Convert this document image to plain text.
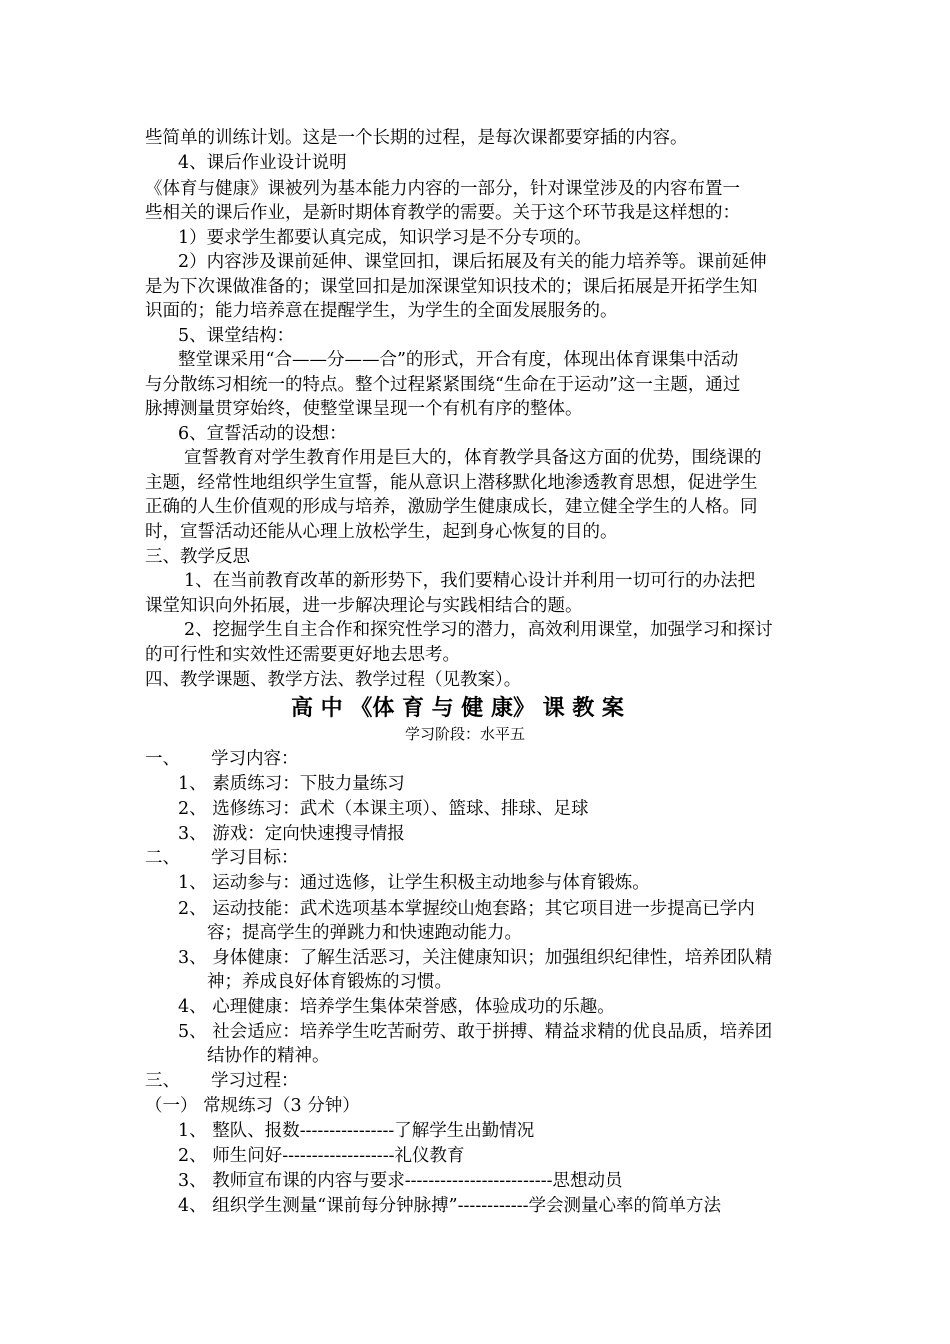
些简单的训练计划。这是一个长期的过程，是每次课都要穿插的内容。
4、课后作业设计说明
《体育与健康》课被列为基本能力内容的一部分，针对课堂涉及的内容布置一
些相关的课后作业，是新时期体育教学的需要。关于这个环节我是这样想的：
1）要求学生都要认真完成，知识学习是不分专项的。
2）内容涉及课前延伸、课堂回扣，课后拓展及有关的能力培养等。课前延伸
是为下次课做准备的；课堂回扣是加深课堂知识技术的；课后拓展是开拓学生知
识面的；能力培养意在提醒学生，为学生的全面发展服务的。
5、课堂结构：
整堂课采用“合——分——合”的形式，开合有度，体现出体育课集中活动
与分散练习相统一的特点。整个过程紧紧围绕“生命在于运动”这一主题，通过
脉搏测量贯穿始终，使整堂课呈现一个有机有序的整体。
6、宣誓活动的设想：
宣誓教育对学生教育作用是巨大的，体育教学具备这方面的优势，围绕课的
主题，经常性地组织学生宣誓，能从意识上潜移默化地渗透教育思想，促进学生
正确的人生价值观的形成与培养，激励学生健康成长，建立健全学生的人格。同
时，宣誓活动还能从心理上放松学生，起到身心恢复的目的。
三、教学反思
1、在当前教育改革的新形势下，我们要精心设计并利用一切可行的办法把
课堂知识向外拓展，进一步解决理论与实践相结合的题。
2、挖掘学生自主合作和探究性学习的潜力，高效利用课堂，加强学习和探讨
的可行性和实效性还需要更好地去思考。
四、教学课题、教学方法、教学过程（见教案）。
高 中 《体 育 与 健 康》 课 教 案
学习阶段：水平五
一、 学习内容：
1、 素质练习：下肢力量练习
2、 选修练习：武术（本课主项）、篮球、排球、足球
3、 游戏：定向快速搜寻情报
二、 学习目标：
1、 运动参与：通过选修，让学生积极主动地参与体育锻炼。
2、 运动技能：武术选项基本掌握绞山炮套路；其它项目进一步提高已学内
容；提高学生的弹跳力和快速跑动能力。
3、 身体健康：了解生活恶习，关注健康知识；加强组织纪律性，培养团队精
神；养成良好体育锻炼的习惯。
4、 心理健康：培养学生集体荣誉感，体验成功的乐趣。
5、 社会适应：培养学生吃苦耐劳、敢于拼搏、精益求精的优良品质，培养团
结协作的精神。
三、 学习过程：
（一） 常规练习（3 分钟）
1、 整队、报数----------------了解学生出勤情况
2、 师生问好-------------------礼仪教育
3、 教师宣布课的内容与要求-------------------------思想动员
4、 组织学生测量“课前每分钟脉搏”------------学会测量心率的简单方法
